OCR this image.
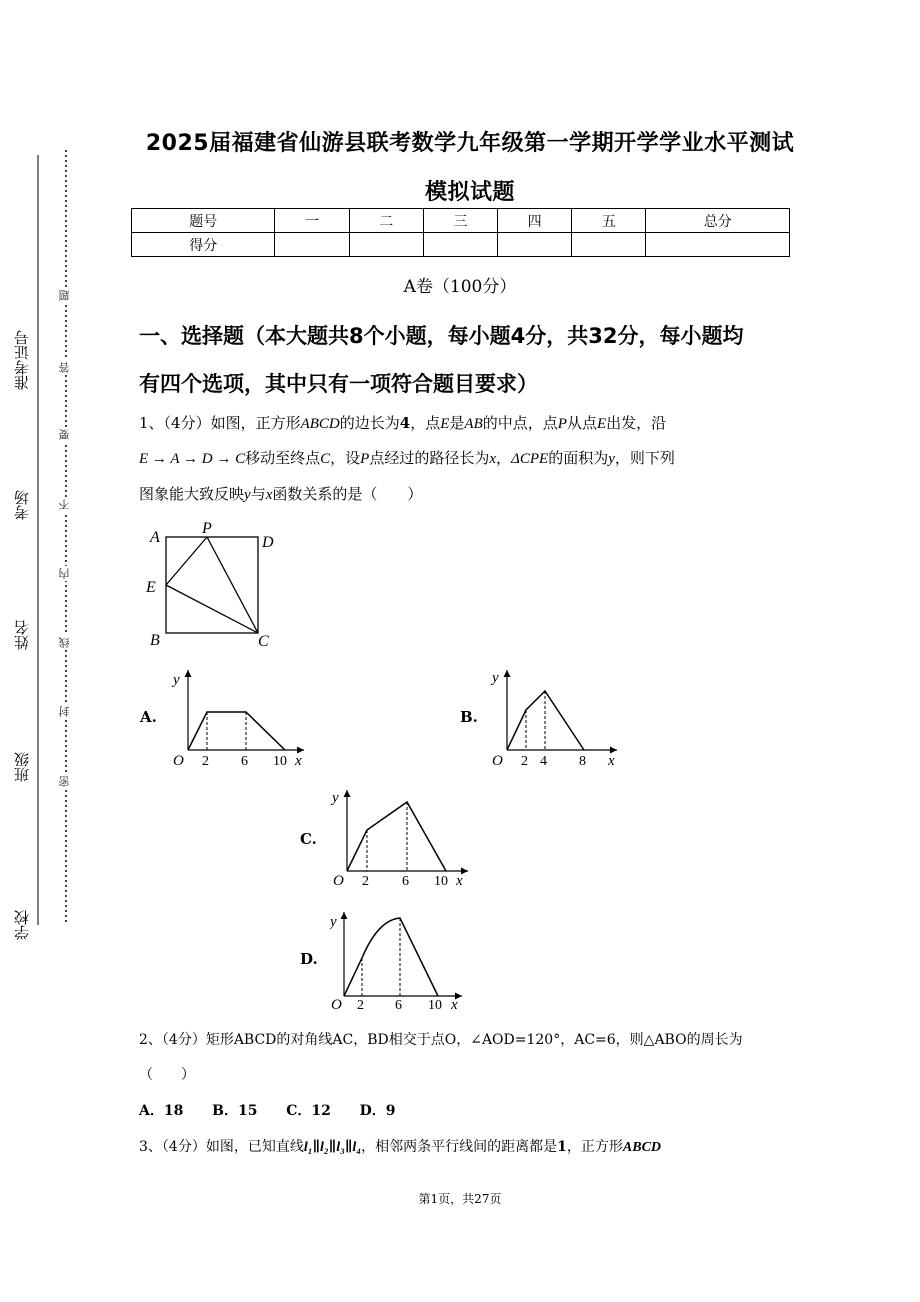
准考证号
考场
姓名
班级
学校
题
答
要
不
内
线
封
密
2025届福建省仙游县联考数学九年级第一学期开学学业水平测试
模拟试题
题号	一	二	三	四	五	总分
得分						
A卷（100分）
一、选择题（本大题共8个小题，每小题4分，共32分，每小题均
有四个选项，其中只有一项符合题目要求）
1、（4分）如图，正方形ABCD的边长为4，点E是AB的中点，点P从点E出发，沿
E → A → D → C移动至终点C，设P点经过的路径长为x，ΔCPE的面积为y，则下列
图象能大致反映y与x函数关系的是（　　）
A
P
D
E
B	C
A.
y
O 2 6 10 x
B.
y
O 2 4 8 x
C.
y
O 2 6 10 x
D.
y
O 2 6 10 x
2、（4分）矩形ABCD的对角线AC，BD相交于点O，∠AOD=120°，AC=6，则△ABO的周长为
（　　）
A．18 B．15 C．12 D．9
3、（4分）如图，已知直线l₁∥l₂∥l₃∥l₄，相邻两条平行线间的距离都是1，正方形ABCD
第1页，共27页
